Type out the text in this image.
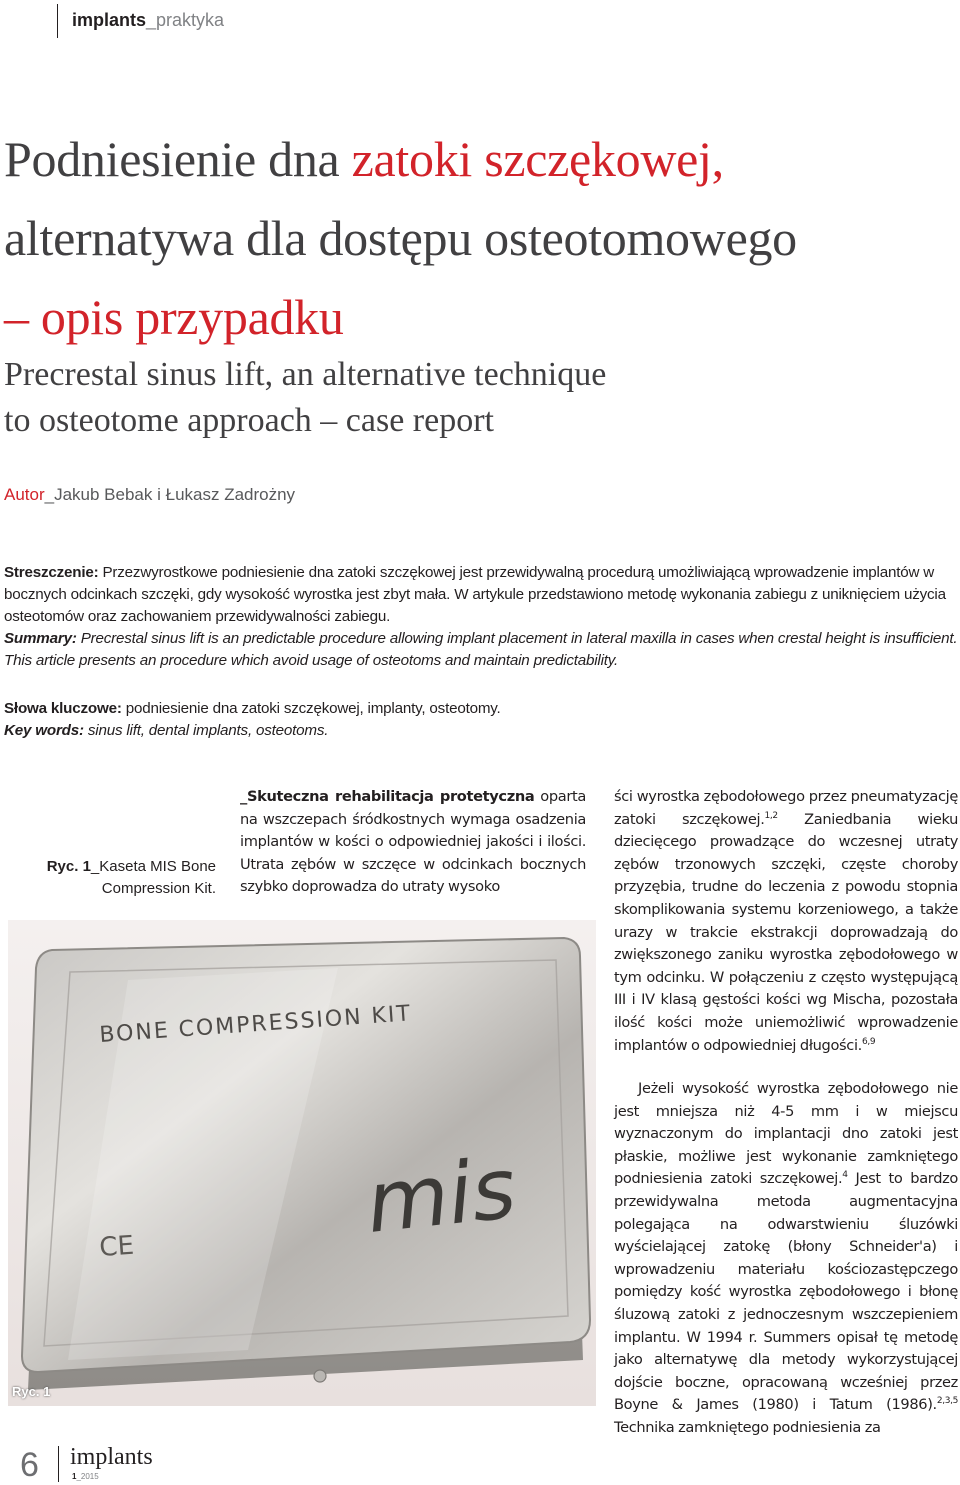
implants_praktyka
Podniesienie dna zatoki szczękowej,
alternatywa dla dostępu osteotomowego
– opis przypadku
Precrestal sinus lift, an alternative technique
to osteotome approach – case report
Autor_Jakub Bebak i Łukasz Zadrożny
Streszczenie: Przezwyrostkowe podniesienie dna zatoki szczękowej jest przewidywalną procedurą umożliwiającą wprowadzenie implantów w bocznych odcinkach szczęki, gdy wysokość wyrostka jest zbyt mała. W artykule przedstawiono metodę wykonania zabiegu z uniknięciem użycia osteotomów oraz zachowaniem przewidywalności zabiegu.
Summary: Precrestal sinus lift is an predictable procedure allowing implant placement in lateral maxilla in cases when crestal height is insufficient. This article presents an procedure which avoid usage of osteotoms and maintain predictability.
Słowa kluczowe: podniesienie dna zatoki szczękowej, implanty, osteotomy.
Key words: sinus lift, dental implants, osteotoms.
Ryc. 1_Kaseta MIS Bone Compression Kit.
BONE COMPRESSION KIT
mis
CE
Ryc. 1

_Skuteczna rehabilitacja protetyczna oparta na wszczepach śródkostnych wymaga osadzenia implantów w kości o odpowiedniej jakości i ilości. Utrata zębów w szczęce w odcinkach bocznych szybko doprowadza do utraty wysoko

ści wyrostka zębodołowego przez pneumatyzację zatoki szczękowej.$^{1,2}$ Zaniedbania wieku dziecięcego prowadzące do wczesnej utraty zębów trzonowych szczęki, częste choroby przyzębia, trudne do leczenia z powodu stopnia skomplikowania systemu korzeniowego, a także urazy w trakcie ekstrakcji doprowadzają do zwiększonego zaniku wyrostka zębodołowego w tym odcinku. W połączeniu z często występującą III i IV klasą gęstości kości wg Mischa, pozostała ilość kości może uniemożliwić wprowadzenie implantów o odpowiedniej długości.$^{6,9}$

Jeżeli wysokość wyrostka zębodołowego nie jest mniejsza niż 4-5 mm i w miejscu wyznaczonym do implantacji dno zatoki jest płaskie, możliwe jest wykonanie zamkniętego podniesienia zatoki szczękowej.$^4$ Jest to bardzo przewidywalna metoda augmentacyjna polegająca na odwarstwieniu śluzówki wyścielającej zatokę (błony Schneider'a) i wprowadzeniu materiału kościozastępczego pomiędzy kość wyrostka zębodołowego i błonę śluzową zatoki z jednoczesnym wszczepieniem implantu. W 1994 r. Summers opisał tę metodę jako alternatywę dla metody wykorzystującej dojście boczne, opracowaną wcześniej przez Boyne & James (1980) i Tatum (1986).$^{2,3,5}$ Technika zamkniętego podniesienia za

6 implants
1_2015
